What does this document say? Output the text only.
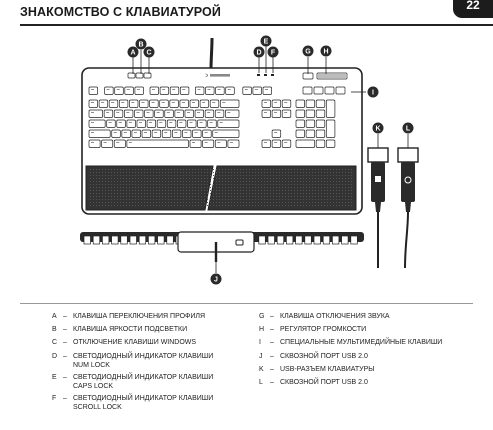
ЗНАКОМСТВО С КЛАВИАТУРОЙ	22
A
B
C	D
E
F	G H
I
J
K	L
A – КЛАВИША ПЕРЕКЛЮЧЕНИЯ ПРОФИЛЯ
B – КЛАВИША ЯРКОСТИ ПОДСВЕТКИ
C – ОТКЛЮЧЕНИЕ КЛАВИШИ WINDOWS
D – СВЕТОДИОДНЫЙ ИНДИКАТОР КЛАВИШИ NUM LOCK
E – СВЕТОДИОДНЫЙ ИНДИКАТОР КЛАВИШИ CAPS LOCK
F – СВЕТОДИОДНЫЙ ИНДИКАТОР КЛАВИШИ SCROLL LOCK
G – КЛАВИША ОТКЛЮЧЕНИЯ ЗВУКА
H – РЕГУЛЯТОР ГРОМКОСТИ
I	– СПЕЦИАЛЬНЫЕ МУЛЬТИМЕДИЙНЫЕ КЛАВИШИ
J	– СКВОЗНОЙ ПОРТ USB 2.0
K – USB-РАЗЪЕМ КЛАВИАТУРЫ
L	– СКВОЗНОЙ ПОРТ USB 2.0
